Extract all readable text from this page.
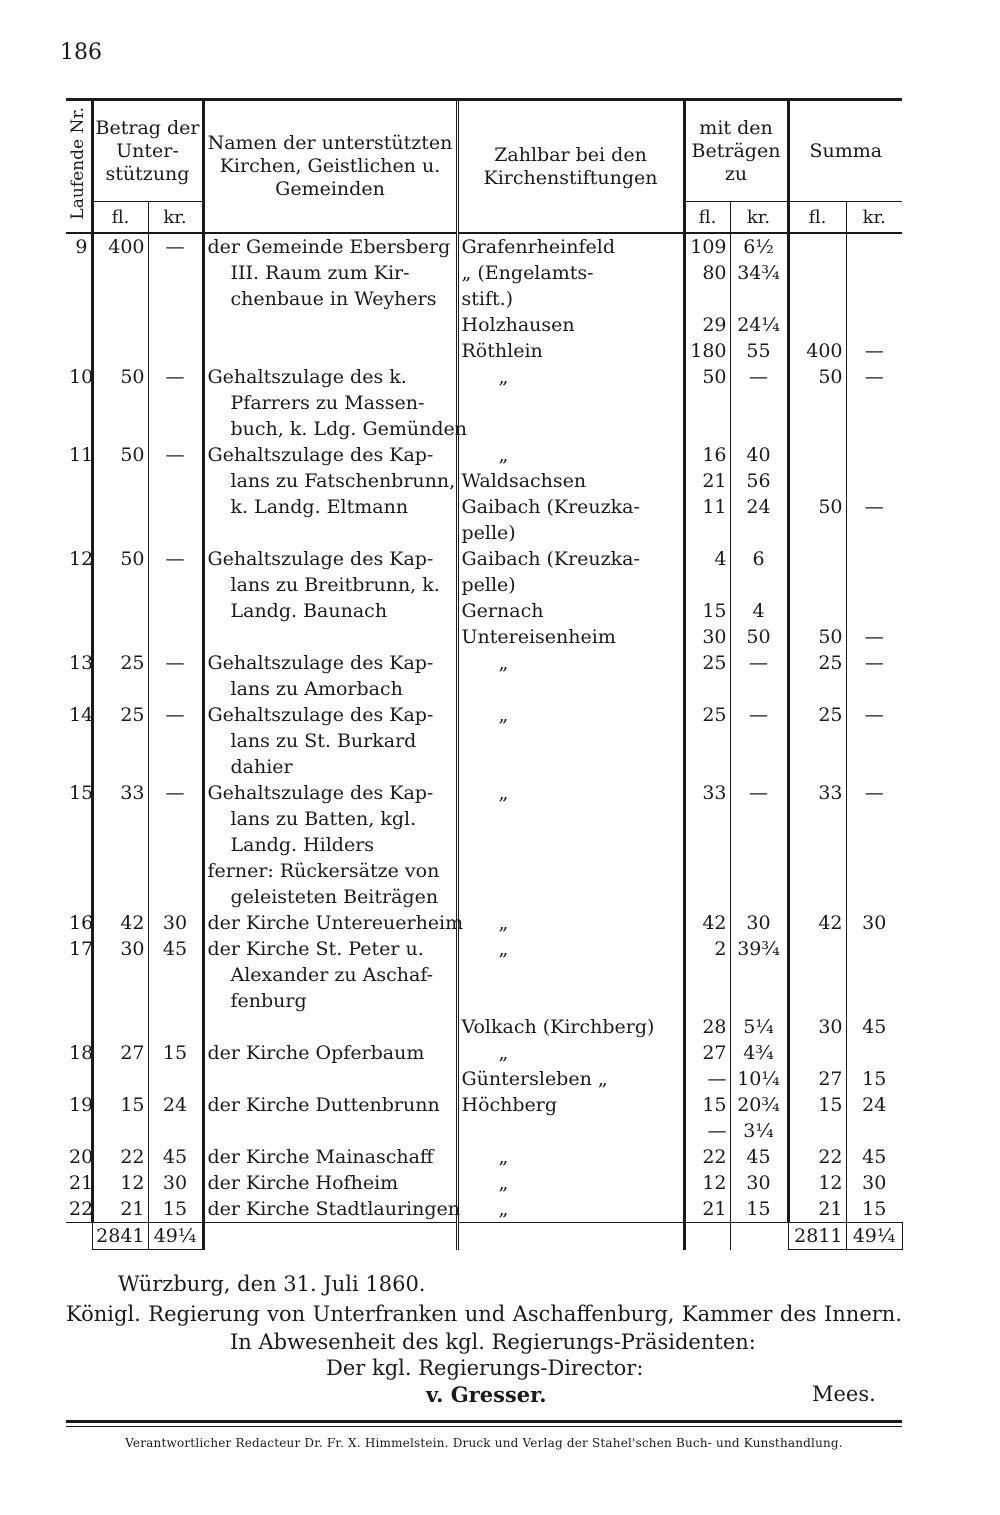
186
Laufende Nr.	Betrag der Unter-stützung		Namen der unterstützten Kirchen, Geistlichen u. Gemeinden	Zahlbar bei den Kirchenstiftungen	mit den Beträgen zu		Summa	
	fl.	kr.			fl.	kr.	fl.	kr.
9	400	—	der Gemeinde Ebersberg	Grafenrheinfeld	109	6½		
			III. Raum zum Kir-	„ (Engelamts-	80	34¾		
			chenbaue in Weyhers	stift.)				
				Holzhausen	29	24¼		
				Röthlein	180	55	400	—
10	50	—	Gehaltszulage des k.	„	50	—	50	—
			Pfarrers zu Massen-					
			buch, k. Ldg. Gemünden					
11	50	—	Gehaltszulage des Kap-	„	16	40		
			lans zu Fatschenbrunn,	Waldsachsen	21	56		
			k. Landg. Eltmann	Gaibach (Kreuzka-	11	24	50	—
				pelle)				
12	50	—	Gehaltszulage des Kap-	Gaibach (Kreuzka-	4	6		
			lans zu Breitbrunn, k.	pelle)				
			Landg. Baunach	Gernach	15	4		
				Untereisenheim	30	50	50	—
13	25	—	Gehaltszulage des Kap-	„	25	—	25	—
			lans zu Amorbach					
14	25	—	Gehaltszulage des Kap-	„	25	—	25	—
			lans zu St. Burkard					
			dahier					
15	33	—	Gehaltszulage des Kap-	„	33	—	33	—
			lans zu Batten, kgl.					
			Landg. Hilders					

			ferner: Rückersätze von					
			geleisteten Beiträgen					
16	42	30	der Kirche Untereuerheim	„	42	30	42	30
17	30	45	der Kirche St. Peter u.	„	2	39¾		
			Alexander zu Aschaf-					
			fenburg					
				Volkach (Kirchberg)	28	5¼	30	45
18	27	15	der Kirche Opferbaum	„	27	4¾		
				Güntersleben „	—	10¼	27	15
19	15	24	der Kirche Duttenbrunn	Höchberg	15	20¾	15	24
					—	3¼		
20	22	45	der Kirche Mainaschaff	„	22	45	22	45
21	12	30	der Kirche Hofheim	„	12	30	12	30
22	21	15	der Kirche Stadtlauringen	„	21	15	21	15
	2841	49¼					2811	49¼
Würzburg, den 31. Juli 1860.
Königl. Regierung von Unterfranken und Aschaffenburg, Kammer des Innern.
In Abwesenheit des kgl. Regierungs-Präsidenten:
Der kgl. Regierungs-Director:
v. Gresser.	Mees.
Verantwortlicher Redacteur Dr. Fr. X. Himmelstein. Druck und Verlag der Stahel'schen Buch- und Kunsthandlung.
